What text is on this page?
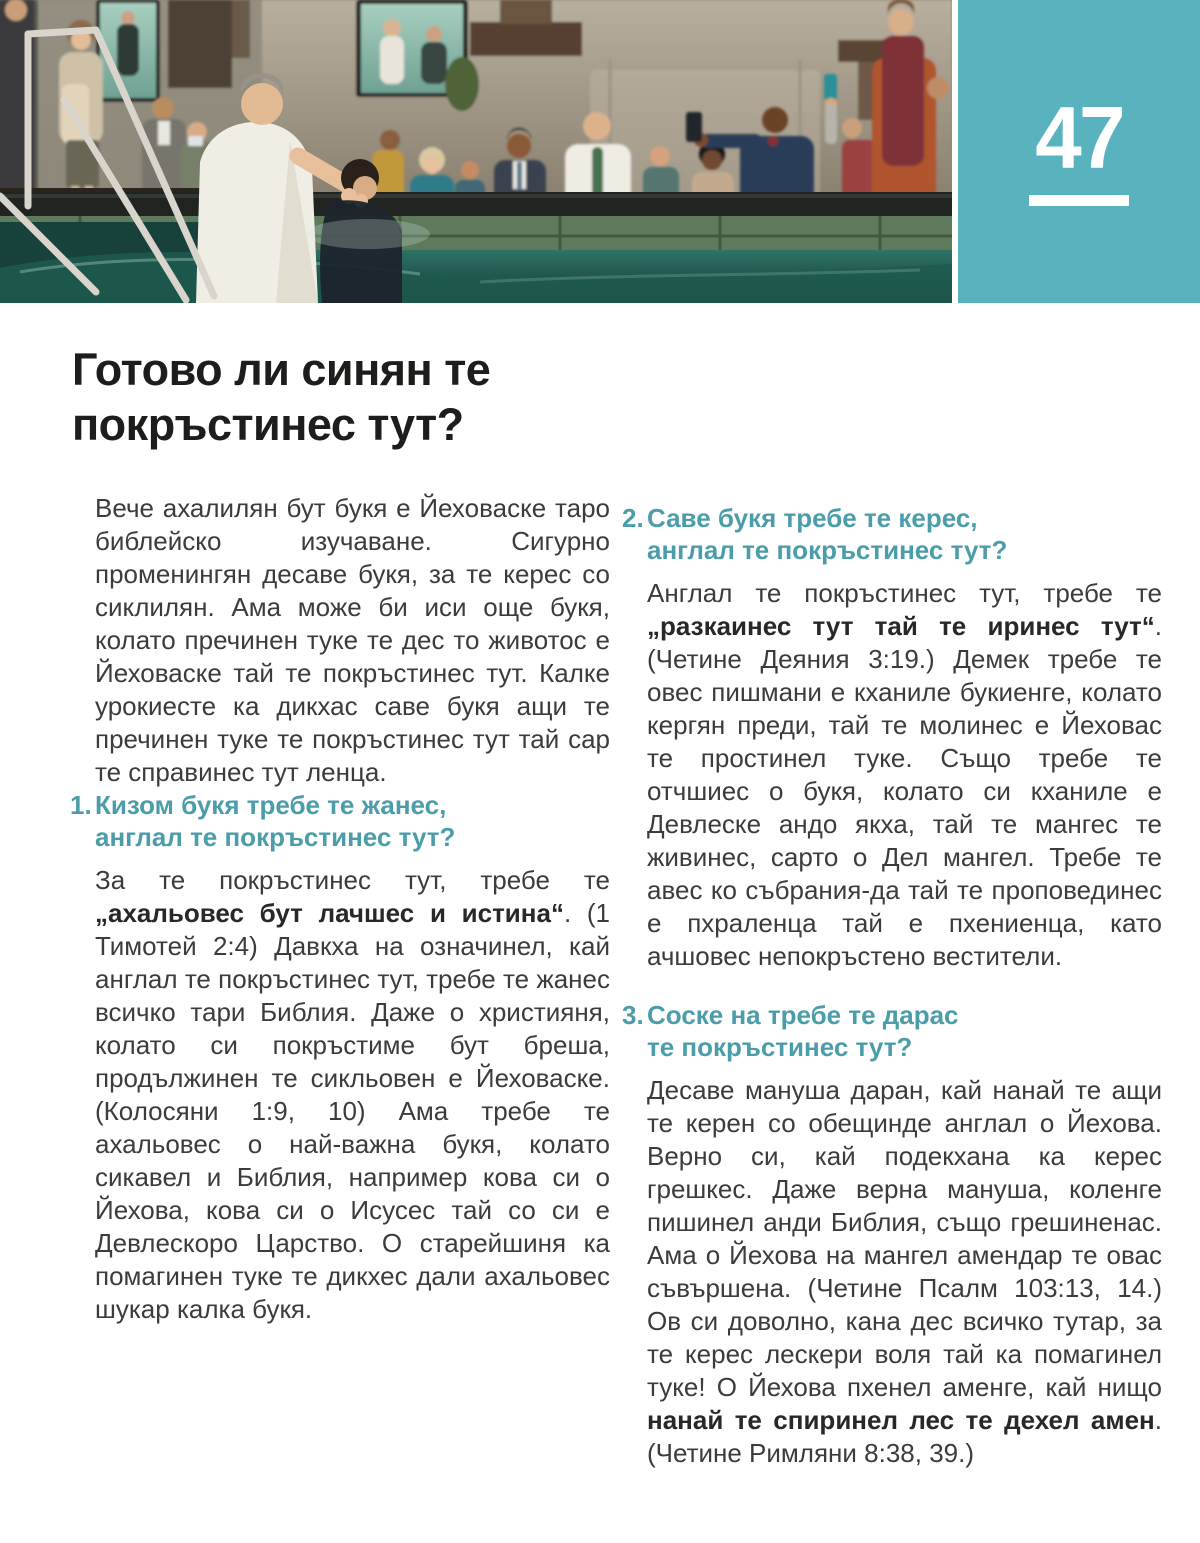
47
Готово ли синян те
покръстинес тут?

Вече ахалилян бут букя е Йеховаске таро библейско изучаване. Сигурно променингян десаве букя, за те керес со сиклилян. Ама може би иси още букя, колато пречинен туке те дес то животос е Йеховаске тай те покръстинес тут. Калке урокиесте ка дикхас саве букя ащи те пречинен туке те покръстинес тут тай сар те справинес тут ленца.

1. Кизом букя требе те жанес,
англал те покръстинес тут?

За те покръстинес тут, требе те „ахальовес бут лачшес и истина“. (1 Тимотей 2:4) Давкха на означинел, кай англал те покръстинес тут, требе те жанес всичко тари Библия. Даже о християня, колато си покръстиме бут бреша, продължинен те сикльовен е Йеховаске. (Колосяни 1:9, 10) Ама требе те ахальовес о най-важна букя, колато сикавел и Библия, например кова си о Йехова, кова си о Исусес тай со си е Девлескоро Царство. О старейшиня ка помагинен туке те дикхес дали ахальовес шукар калка букя.

2. Саве букя требе те керес,
англал те покръстинес тут?

Англал те покръстинес тут, требе те „разкаинес тут тай те иринес тут“. (Четине Деяния 3:19.) Демек требе те овес пишмани е кханиле букиенге, колато кергян преди, тай те молинес е Йеховас те простинел туке. Също требе те отчшиес о букя, колато си кханиле е Девлеске андо якха, тай те мангес те живинес, сарто о Дел мангел. Требе те авес ко събрания-да тай те проповединес е пхраленца тай е пхениенца, като ачшовес непокръстено вестители.

3. Соске на требе те дарас
те покръстинес тут?

Десаве мануша даран, кай нанай те ащи те керен со обещинде англал о Йехова. Верно си, кай подекхана ка керес грешкес. Даже верна мануша, коленге пишинел анди Библия, също грешиненас. Ама о Йехова на мангел амендар те овас съвършена. (Четине Псалм 103:13, 14.) Ов си доволно, кана дес всичко тутар, за те керес лескери воля тай ка помагинел туке! О Йехова пхенел аменге, кай нищо нанай те спиринел лес те дехел амен. (Четине Римляни 8:38, 39.)
